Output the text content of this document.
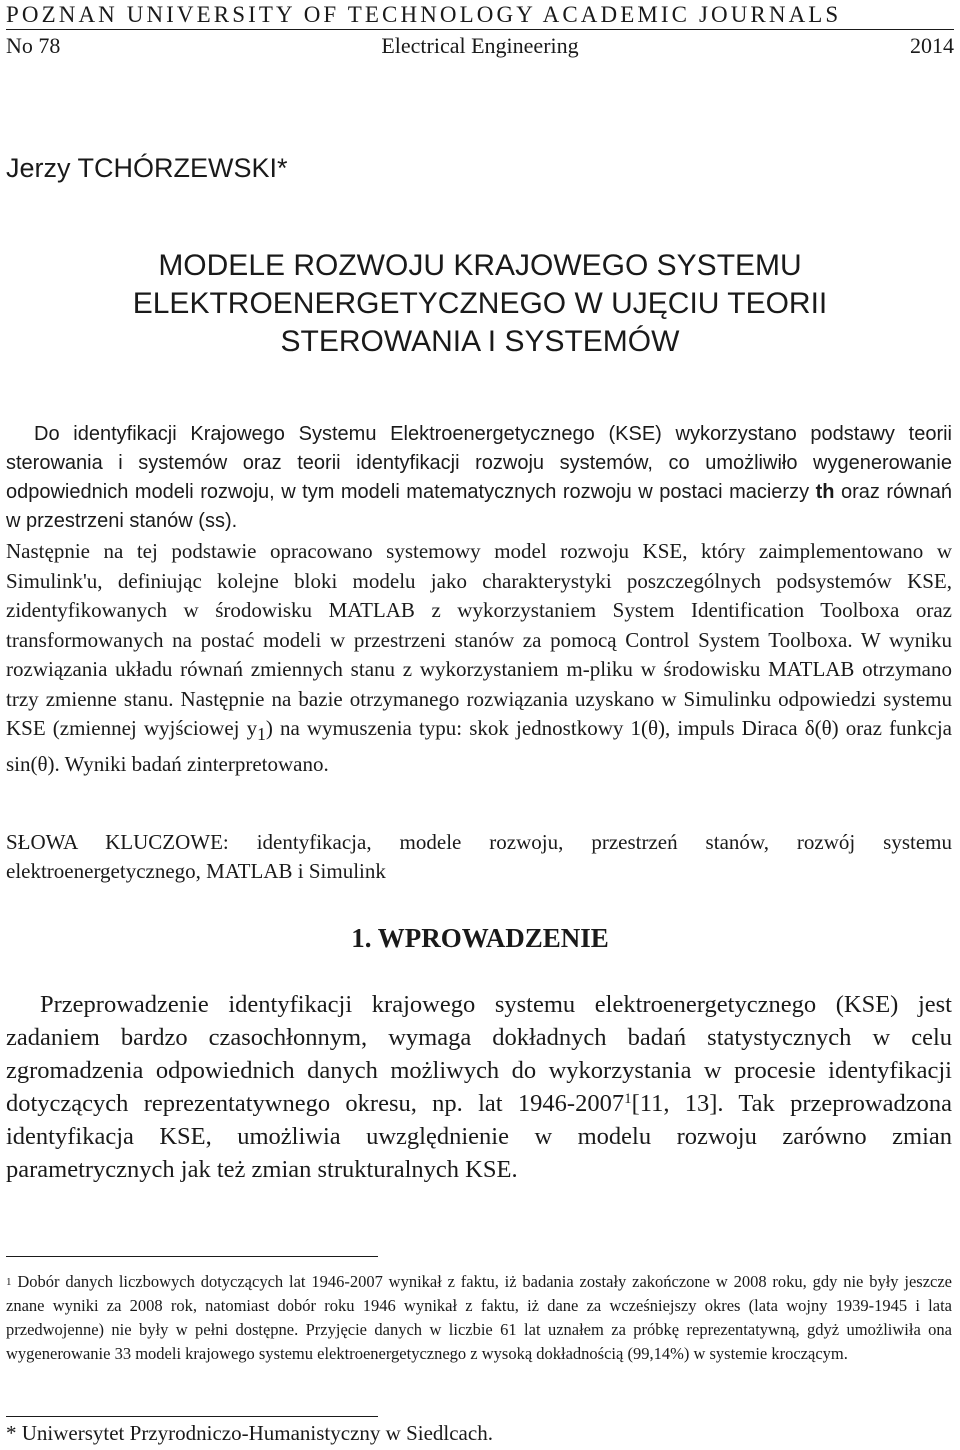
POZNAN UNIVERSITY OF TECHNOLOGY ACADEMIC JOURNALS
No 78	Electrical Engineering	2014
Jerzy TCHÓRZEWSKI*
MODELE ROZWOJU KRAJOWEGO SYSTEMU
ELEKTROENERGETYCZNEGO W UJĘCIU TEORII
STEROWANIA I SYSTEMÓW

Do identyfikacji Krajowego Systemu Elektroenergetycznego (KSE) wykorzystano podstawy teorii sterowania i systemów oraz teorii identyfikacji rozwoju systemów, co umożliwiło wygenerowanie odpowiednich modeli rozwoju, w tym modeli matematycznych rozwoju w postaci macierzy th oraz równań w przestrzeni stanów (ss).

Następnie na tej podstawie opracowano systemowy model rozwoju KSE, który zaimplementowano w Simulink'u, definiując kolejne bloki modelu jako charakterystyki poszczególnych podsystemów KSE, zidentyfikowanych w środowisku MATLAB z wykorzystaniem System Identification Toolboxa oraz transformowanych na postać modeli w przestrzeni stanów za pomocą Control System Toolboxa. W wyniku rozwiązania układu równań zmiennych stanu z wykorzystaniem m-pliku w środowisku MATLAB otrzymano trzy zmienne stanu. Następnie na bazie otrzymanego rozwiązania uzyskano w Simulinku odpowiedzi systemu KSE (zmiennej wyjściowej $y_1$) na wymuszenia typu: skok jednostkowy 1(θ), impuls Diraca δ(θ) oraz funkcja sin(θ). Wyniki badań zinterpretowano.

SŁOWA KLUCZOWE: identyfikacja, modele rozwoju, przestrzeń stanów, rozwój systemu elektroenergetycznego, MATLAB i Simulink

1. WPROWADZENIE

Przeprowadzenie identyfikacji krajowego systemu elektroenergetycznego (KSE) jest zadaniem bardzo czasochłonnym, wymaga dokładnych badań statystycznych w celu zgromadzenia odpowiednich danych możliwych do wykorzystania w procesie identyfikacji dotyczących reprezentatywnego okresu, np. lat 1946-2007$^1$[11, 13]. Tak przeprowadzona identyfikacja KSE, umożliwia uwzględnienie w modelu rozwoju zarówno zmian parametrycznych jak też zmian strukturalnych KSE.

$^1$ Dobór danych liczbowych dotyczących lat 1946-2007 wynikał z faktu, iż badania zostały zakończone w 2008 roku, gdy nie były jeszcze znane wyniki za 2008 rok, natomiast dobór roku 1946 wynikał z faktu, iż dane za wcześniejszy okres (lata wojny 1939-1945 i lata przedwojenne) nie były w pełni dostępne. Przyjęcie danych w liczbie 61 lat uznałem za próbkę reprezentatywną, gdyż umożliwiła ona wygenerowanie 33 modeli krajowego systemu elektroenergetycznego z wysoką dokładnością (99,14%) w systemie kroczącym.

* Uniwersytet Przyrodniczo-Humanistyczny w Siedlcach.
